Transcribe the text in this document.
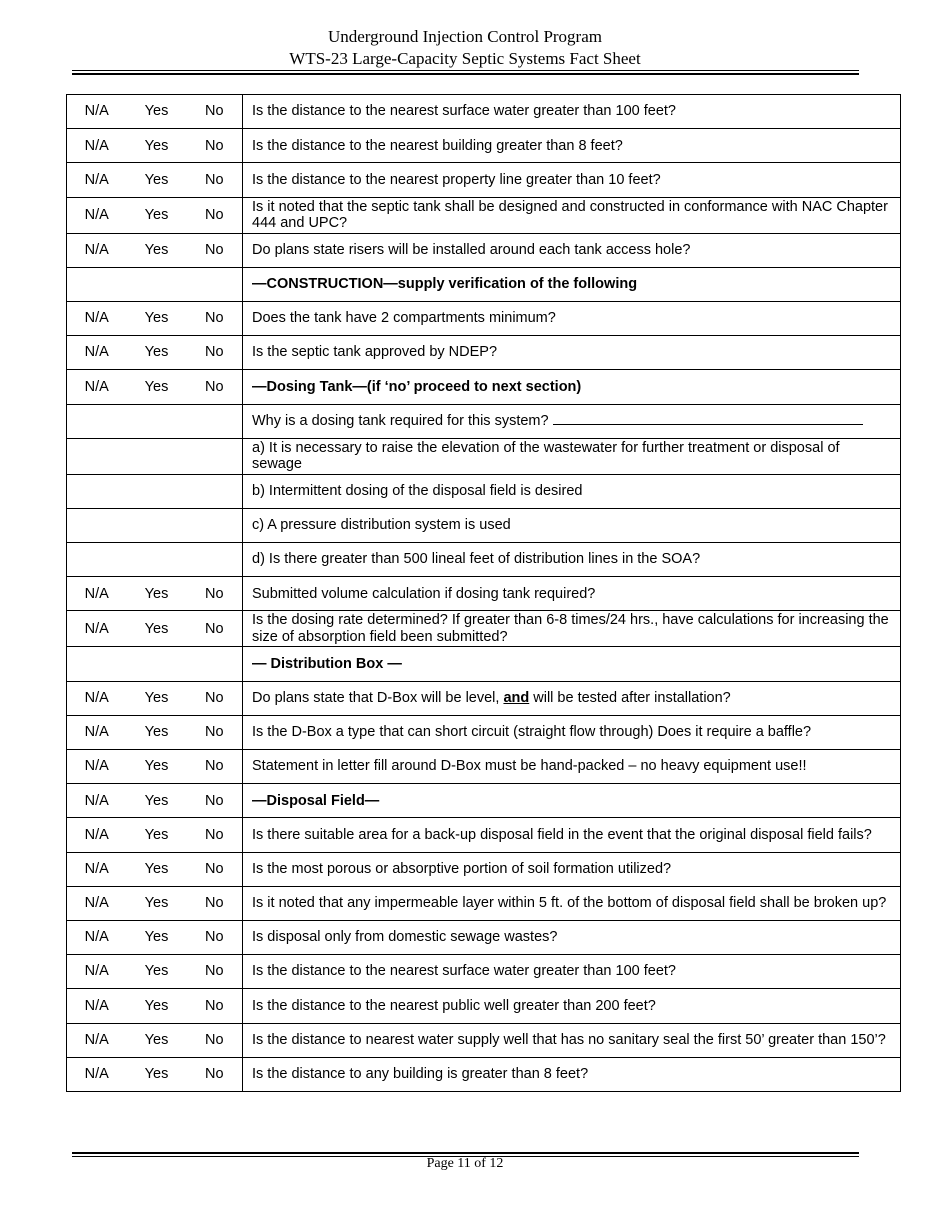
Underground Injection Control Program
WTS-23 Large-Capacity Septic Systems Fact Sheet
N/A	Yes	No	Is the distance to the nearest surface water greater than 100 feet?
N/A	Yes	No	Is the distance to the nearest building greater than 8 feet?
N/A	Yes	No	Is the distance to the nearest property line greater than 10 feet?
N/A	Yes	No	Is it noted that the septic tank shall be designed and constructed in conformance with NAC Chapter 444 and UPC?
N/A	Yes	No	Do plans state risers will be installed around each tank access hole?
			—CONSTRUCTION—supply verification of the following
N/A	Yes	No	Does the tank have 2 compartments minimum?
N/A	Yes	No	Is the septic tank approved by NDEP?
N/A	Yes	No	—Dosing Tank—(if ‘no’ proceed to next section)
			Why is a dosing tank required for this system?
			a) It is necessary to raise the elevation of the wastewater for further treatment or disposal of sewage
			b) Intermittent dosing of the disposal field is desired
			c) A pressure distribution system is used
			d) Is there greater than 500 lineal feet of distribution lines in the SOA?
N/A	Yes	No	Submitted volume calculation if dosing tank required?
N/A	Yes	No	Is the dosing rate determined? If greater than 6-8 times/24 hrs., have calculations for increasing the size of absorption field been submitted?
			— Distribution Box —
N/A	Yes	No	Do plans state that D-Box will be level, and will be tested after installation?
N/A	Yes	No	Is the D-Box a type that can short circuit (straight flow through) Does it require a baffle?
N/A	Yes	No	Statement in letter fill around D-Box must be hand-packed – no heavy equipment use!!
N/A	Yes	No	—Disposal Field—
N/A	Yes	No	Is there suitable area for a back-up disposal field in the event that the original disposal field fails?
N/A	Yes	No	Is the most porous or absorptive portion of soil formation utilized?
N/A	Yes	No	Is it noted that any impermeable layer within 5 ft. of the bottom of disposal field shall be broken up?
N/A	Yes	No	Is disposal only from domestic sewage wastes?
N/A	Yes	No	Is the distance to the nearest surface water greater than 100 feet?
N/A	Yes	No	Is the distance to the nearest public well greater than 200 feet?
N/A	Yes	No	Is the distance to nearest water supply well that has no sanitary seal the first 50’ greater than 150’?
N/A	Yes	No	Is the distance to any building is greater than 8 feet?
Page 11 of 12
